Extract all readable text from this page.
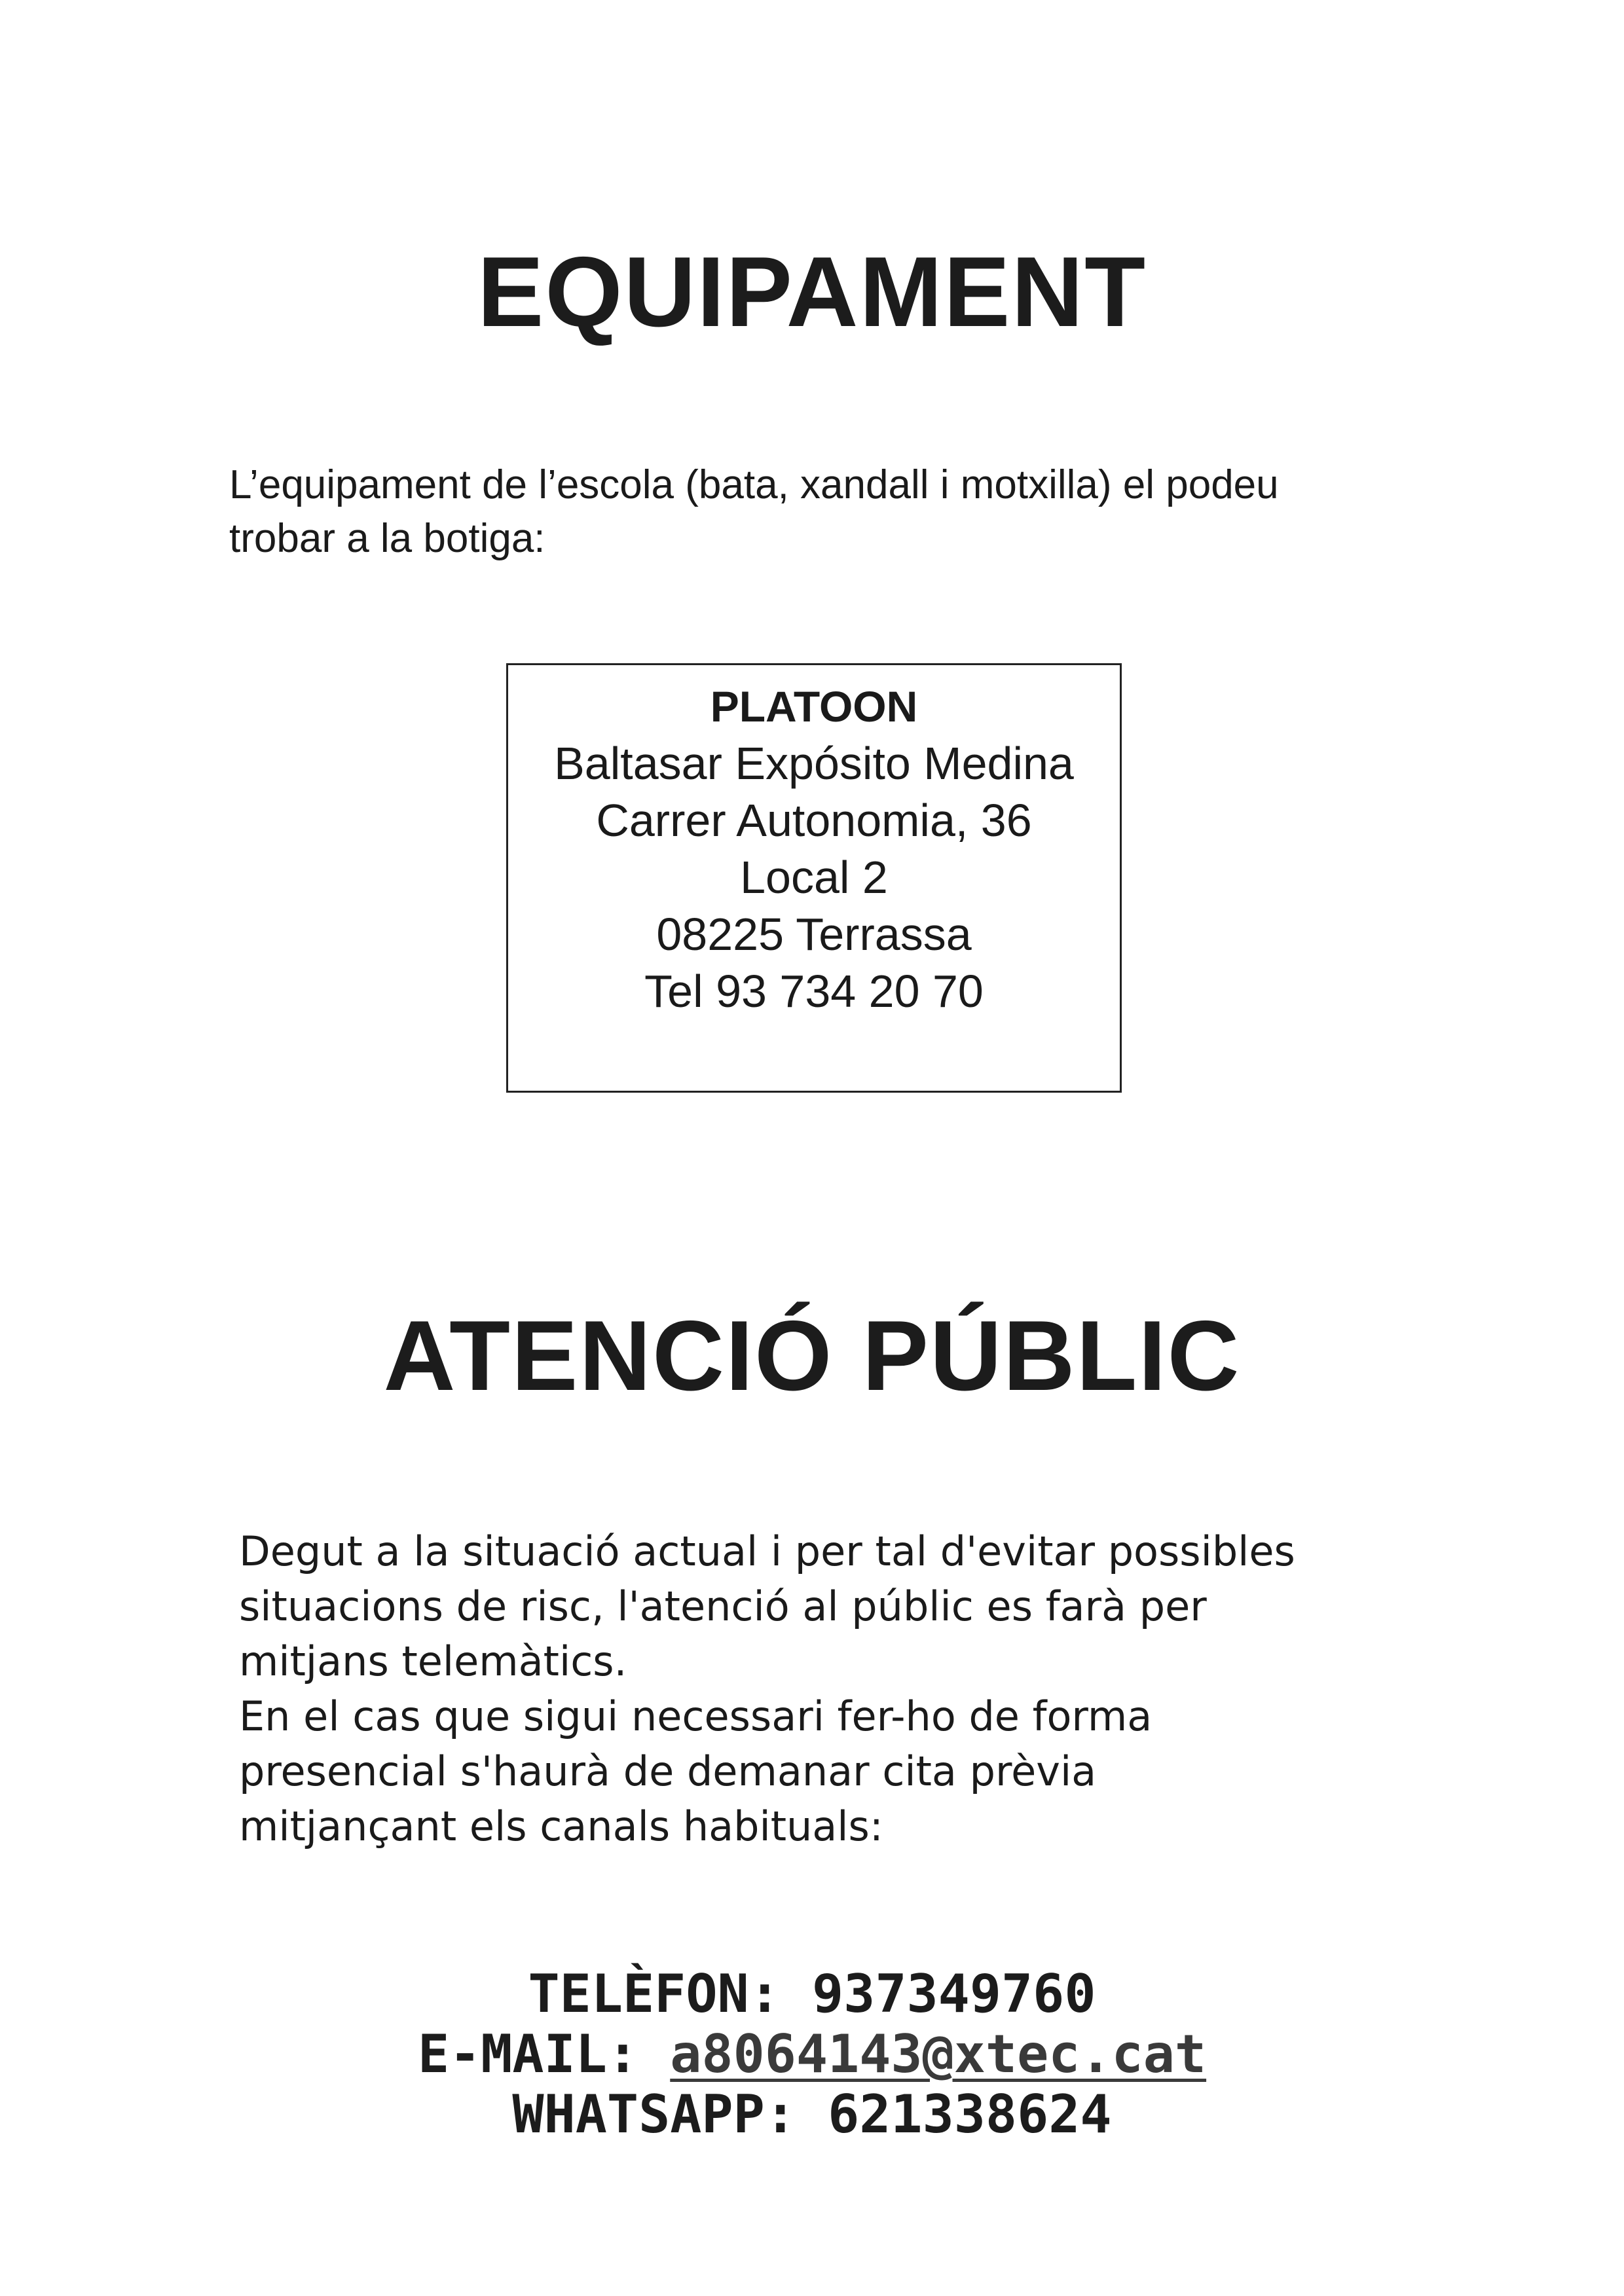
EQUIPAMENT

L’equipament de l’escola (bata, xandall i motxilla) el podeu
trobar a la botiga:

PLATOON
Baltasar Expósito Medina
Carrer Autonomia, 36
Local 2
08225 Terrassa
Tel 93 734 20 70
ATENCIÓ PÚBLIC
Degut a la situació actual i per tal d'evitar possibles
situacions de risc, l'atenció al públic es farà per
mitjans telemàtics.
En el cas que sigui necessari fer-ho de forma
presencial s'haurà de demanar cita prèvia
mitjançant els canals habituals:
TELÈFON: 937349760
E-MAIL: a8064143@xtec.cat
WHATSAPP: 621338624
